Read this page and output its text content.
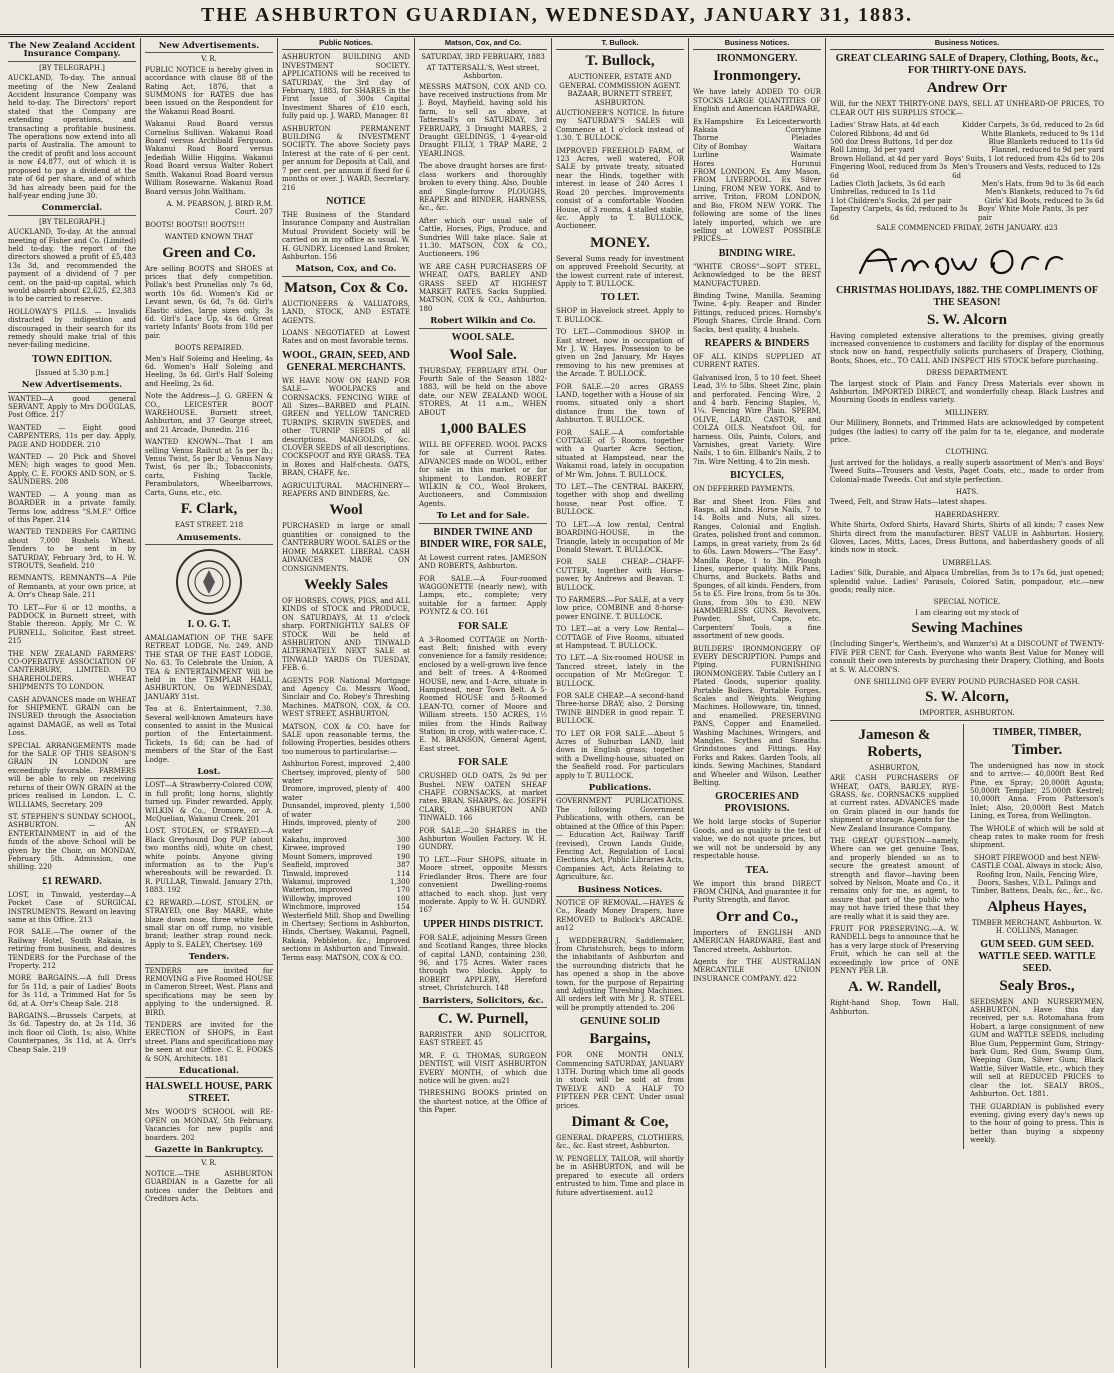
THE ASHBURTON GUARDIAN, WEDNESDAY, JANUARY 31, 1883.
The New Zealand Accident Insurance Company.
[BY TELEGRAPH.]
AUCKLAND, To-day. The annual meeting of the New Zealand Accident Insurance Company was held to-day. The Directors' report stated that the Company are extending operations, and transacting a profitable business. The operations now extend into all parts of Australia. The amount to the credit of profit and loss account is now £4,877, out of which it is proposed to pay a dividend at the rate of 6d per share, and of which 3d has already been paid for the half-year ending June 30.
Commercial.
[BY TELEGRAPH.]
AUCKLAND, To-day. At the annual meeting of Fisher and Co. (Limited) held to-day, the report of the directors showed a profit of £5,483 13s 3d, and recommended the payment of a dividend of 7 per cent. on the paid-up capital, which would absorb about £2,625, £2,383 is to be carried to reserve.
HOLLOWAY'S PILLS. — Invalids distracted by indigestion and discouraged in their search for its remedy should make trial of this never-failing medicine.
TOWN EDITION.
[Issued at 5.30 p.m.]
New Advertisements.
WANTED—A good general SERVANT. Apply to Mrs DOUGLAS, Post Office. 217
WANTED — Eight good CARPENTERS, 11s per day. Apply, PAGE AND HODDER. 210
WANTED — 20 Pick and Shovel MEN; high wages to good Men. Apply, C. E. FOOKS AND SON, or S. SAUNDERS. 208
WANTED — A young man as BOARDER in a private family. Terms low, address "S.M.F." Office of this Paper. 214
WANTED TENDERS For CARTING about 7,000 Bushels Wheat. Tenders to be sent in by SATURDAY, February 3rd, to H. W. STROUTS, Seafield. 210
REMNANTS, REMNANTS—A Pile of Remnants, at your own price, at A. Orr's Cheap Sale. 211
TO LET—For 6 or 12 months, a PADDOCK in Burnett street, with Stable thereon. Apply, Mr C. W. PURNELL, Solicitor, East street. 215
THE NEW ZEALAND FARMERS' CO-OPERATIVE ASSOCIATION OF CANTERBURY, LIMITED. TO SHAREHOLDERS. WHEAT SHIPMENTS TO LONDON.
CASH ADVANCES made on WHEAT for SHIPMENT. GRAIN can be INSURED through the Association against DAMAGE, as well as Total Loss.
SPECIAL ARRANGEMENTS made for the SALE OF THIS SEASON'S GRAIN IN LONDON are exceedingly favorable. FARMERS will be able to rely on receiving returns of their OWN GRAIN at the prices realised in London. L. C. WILLIAMS, Secretary. 209
ST. STEPHEN'S SUNDAY SCHOOL, ASHBURTON. — AN ENTERTAINMENT in aid of the funds of the above School will be given by the Choir, on MONDAY, February 5th. Admission, one shilling. 220
£1 REWARD.
LOST, in Tinwald, yesterday—A Pocket Case of SURGICAL INSTRUMENTS. Reward on leaving same at this Office. 213
FOR SALE.—The owner of the Railway Hotel, South Rakaia, is retiring from business, and desires TENDERS for the Purchase of the Property. 212
MORE BARGAINS.—A full Dress for 5s 11d, a pair of Ladies' Boots for 3s 11d, a Trimmed Hat for 5s 6d, at A. Orr's Cheap Sale. 218
BARGAINS.—Brussels Carpets, at 3s 6d. Tapestry do, at 2s 11d, 36 inch floor oil Cloth, 1s; also, White Counterpanes, 3s 11d, at A. Orr's Cheap Sale. 219
New Advertisements.
V. R.
PUBLIC NOTICE is hereby given in accordance with clause 88 of the Rating Act, 1876, that a SUMMONS for RATES due has been issued on the Respondent for the Wakanui Road Board.
Wakanui Road Board versus Cornelius Sullivan. Wakanui Road Board versus Archibald Ferguson. Wakanui Road Board versus Jedediah Willie Higgins. Wakanui Road Board versus Walter Robert Smith. Wakanui Road Board versus William Rosewarne. Wakanui Road Board versus John Waltham.
A. M. PEARSON, J. BIRD R.M. Court. 207
BOOTS! BOOTS!! BOOTS!!!
WANTED KNOWN THAT
Green and Co.
Are selling BOOTS and SHOES at prices that defy competition. Pollak's best Prunellas only 7s 6d, worth 10s 6d. Women's Kid or Levant sewn, 6s 6d, 7s 6d. Girl's Elastic sides, large sizes only, 3s 6d. Girl's Lace Up, 4s 6d. Great variety Infants' Boots from 10d per pair.
BOOTS REPAIRED.
Men's Half Soleing and Heeling, 4s 6d. Women's Half Soleing and Heeling, 3s 6d. Girl's Half Soleing and Heeling, 2s 6d.
Note the Address—J. G. GREEN & CO., LEICESTER BOOT WAREHOUSE. Burnett street, Ashburton, and 37 George street, and 21 Arcade, Dunedin. 216
WANTED KNOWN—That I am selling Venus Railcut at 5s per lb.; Venus Twist, 5s per lb.; Venus Navy Twist, 6s per lb.; Tobacconists, carts, Fishing Tackle, Perambulators, Wheelbarrows, Carts, Guns, etc., etc.
F. Clark,
EAST STREET. 218
Amusements.
I. O. G. T.
AMALGAMATION OF THE SAFE RETREAT LODGE, No. 249, AND THE STAR OF THE EAST LODGE, No. 63. To Celebrate the Union, A TEA & ENTERTAINMENT Will be held in the TEMPLAR HALL, ASHBURTON, On WEDNESDAY, JANUARY 31st.
Tea at 6. Entertainment, 7.30. Several well-known Amateurs have consented to assist in the Musical portion of the Entertainment. Tickets, 1s 6d; can be had of members of the Star of the East Lodge.
Lost.
LOST—A Strawberry-Colored COW, in full profit; long horns, slightly turned up. Finder rewarded. Apply, WILKIN & Co., Dromore, or A. McQuelian, Wakanui Creek. 201
LOST, STOLEN, or STRAYED.—A Black Greyhound Dog PUP (about two months old), white on chest, white points. Anyone giving information as to the Pup's whereabouts will be rewarded. D. R. PULLAR, Tinwald. January 27th, 1883. 192
£2 REWARD.—LOST, STOLEN, or STRAYED, one Bay MARE, white blaze down nose, three white feet, small star on off rump, no visible brand; leather strap round neck. Apply to S. EALEY, Chertsey. 169
Tenders.
TENDERS are invited for REMOVING a Five Roomed HOUSE in Cameron Street, West. Plans and specifications may be seen by applying to the undersigned. R. BIRD.
TENDERS are invited for the ERECTION of SHOPS, in East street. Plans and specifications may be seen at our Office. C. E. FOOKS & SON, Architects. 181
Educational.
HALSWELL HOUSE, PARK STREET.
Mrs WOOD'S SCHOOL will RE-OPEN on MONDAY, 5th February. Vacancies for new pupils and boarders. 202
Gazette in Bankruptcy.
V. R.
NOTICE.—THE ASHBURTON GUARDIAN is a Gazette for all notices under the Debtors and Creditors Acts.
Public Notices.
ASHBURTON BUILDING AND INVESTMENT SOCIETY. APPLICATIONS will be received to SATURDAY, the 3rd day of February, 1883, for SHARES in the First Issue of 300s Capital Investment Shares of £10 each, fully paid up. J. WARD, Manager. 81
ASHBURTON PERMANENT BUILDING & INVESTMENT SOCIETY. The above Society pays Interest at the rate of 6 per cent. per annum for Deposits at Call, and 7 per cent. per annum if fixed for 6 months or over. J. WARD, Secretary. 216
NOTICE
THE Business of the Standard Insurance Company and Australian Mutual Provident Society will be carried on in my office as usual. W. H. GUNDRY, Licensed Land Broker, Ashburton. 156
Matson, Cox, and Co.
Matson, Cox & Co.
AUCTIONEERS & VALUATORS, LAND, STOCK, AND ESTATE AGENTS.
LOANS NEGOTIATED at Lowest Rates and on most favorable terms.
WOOL, GRAIN, SEED, AND GENERAL MERCHANTS.
WE HAVE NOW ON HAND FOR SALE— WOOLPACKS and CORNSACKS. FENCING WIRE of All Sizes—BARBED and PLAIN. GREEN and YELLOW TANCRED TURNIPS. SKIRVIN SWEDES, and other TURNIP SEEDS of all descriptions. MANGOLDS, &c. CLOVER SEEDS of all descriptions. COCKSFOOT and RYE GRASS. TEA in Boxes and Half-chests. OATS, BRAN, CHAFF, &c.
AGRICULTURAL MACHINERY—REAPERS AND BINDERS, &c.
Wool
PURCHASED in large or small quantities or consigned to the CANTERBURY WOOL SALES or the HOME MARKET. LIBERAL CASH ADVANCES MADE ON CONSIGNMENTS.
Weekly Sales
OF HORSES, COWS, PIGS, and ALL KINDS of STOCK and PRODUCE, ON SATURDAYS, At 11 o'clock sharp. FORTNIGHTLY SALES OF STOCK Will be held at ASHBURTON AND TINWALD ALTERNATELY. NEXT SALE at TINWALD YARDS On TUESDAY, FEB. 6.
AGENTS FOR National Mortgage and Agency Co. Messrs Wood, Sinclair and Co. Robey's Threshing Machines. MATSON, COX, & CO. WEST STREET, ASHBURTON.
MATSON, COX & CO. have for SALE upon reasonable terms, the following Properties, besides others too numerous to particularise:—
Ashburton Forest, improved 2,400
Chertsey, improved, plenty of water
500
Dromore, improved, plenty of water
400
Dunsandel, improved, plenty of water
1,500
Hinds, improved, plenty of water
200
Kakahu, improved	300
Kirwee, improved	190
Mount Somers, improved	190
Seafield, improved	387
Tinwald, improved	114
Wakanui, improved	1,300
Waterton, improved	170
Willowby, improved	100
Winchmore, improved	154
Westerfield Mill. Shop and Dwelling in Chertsey; Sections in Ashburton, Hinds, Chertsey, Wakanui, Pagnell, Rakaia, Pebbleton, &c.; Improved sections in Ashburton and Tinwald. Terms easy. MATSON, COX & CO.
Matson, Cox, and Co.
SATURDAY, 3RD FEBRUARY, 1883
AT TATTERSALL'S, West street, Ashburton.
MESSRS MATSON, COX AND CO. have received instructions from Mr J. Boyd, Mayfield, having sold his farm, to sell as above, at Tattersall's on SATURDAY, 3rd FEBRUARY, 3 Draught MARES, 2 Draught GELDINGS, 1 4-year-old Draught FILLY, 1 TRAP MARE, 2 YEARLINGS.
The above draught horses are first-class workers and thoroughly broken to every thing. Also, Double and Single-furrow PLOUGHS, REAPER and BINDER, HARNESS, &c., &c.
After which our usual sale of Cattle, Horses, Pigs, Produce, and Sundries Will take place. Sale at 11.30. MATSON, COX & CO., Auctioneers. 196
WE ARE CASH PURCHASERS OF WHEAT, OATS, BARLEY AND GRASS SEED AT HIGHEST MARKET RATES. Sacks Supplied. MATSON, COX & CO., Ashburton. 180
Robert Wilkin and Co.
WOOL SALE.
Wool Sale.
THURSDAY, FEBRUARY 8TH. Our Fourth Sale of the Season 1882-1883, will be held on the above date, our NEW ZEALAND WOOL STORES, At 11 a.m., WHEN ABOUT
1,000 BALES
WILL BE OFFERED. WOOL PACKS for sale at Current Rates. ADVANCES made on WOOL, either for sale in this market or for shipment to London. ROBERT WILKIN & CO., Wool Brokers, Auctioneers, and Commission Agents.
To Let and for Sale.
BINDER TWINE AND BINDER WIRE, FOR SALE,
At Lowest current rates. JAMESON AND ROBERTS, Ashburton.
FOR SALE.—A Four-roomed WAGGONETTE (nearly new), with Lamps, etc., complete; very suitable for a farmer. Apply POYNTZ & CO. 161
FOR SALE
A 3-Roomed COTTAGE on North-east Belt; finished with every convenience for a family residence; enclosed by a well-grown live fence and belt of trees. A 4-Roomed HOUSE, new, and 1-Acre, situate in Hampstead, near Town Belt. A 5-Roomed HOUSE and 5-Roomed LEAN-TO, corner of Moore and William streets. 150 ACRES, 1½ miles from the Hinds Railway Station; in crop, with water-race. C. E. M. BRANSON, General Agent, East street.
FOR SALE
CRUSHED OLD OATS, 2s 9d per Bushel. NEW OATEN SHEAF CHAFF. CORNSACKS, at market rates. BRAN, SHARPS, &c. JOSEPH CLARK, ASHBURTON AND TINWALD. 166
FOR SALE.—20 SHARES in the Ashburton Woollen Factory. W. H. GUNDRY.
TO LET.—Four SHOPS, situate in Moore street, opposite Messrs Friedlander Bros. There are four convenient Dwelling-rooms attached to each shop. Just very moderate. Apply to W. H. GUNDRY. 167
UPPER HINDS DISTRICT.
FOR SALE, adjoining Messrs Green and Scotland Ranges, three blocks of capital LAND, containing 230, 96, and 175 Acres. Water races through two blocks. Apply to ROBERT APPLEBY, Hereford street, Christchurch. 148
Barristers, Solicitors, &c.
C. W. Purnell,
BARRISTER AND SOLICITOR, EAST STREET. 45
MR. F. G. THOMAS, SURGEON DENTIST, will VISIT ASHBURTON EVERY MONTH, of which due notice will be given. au21
THRESHING BOOKS printed on the shortest notice, at the Office of this Paper.
T. Bullock.
T. Bullock,
AUCTIONEER, ESTATE AND GENERAL COMMISSION AGENT. BAZAAR, BURNETT STREET, ASHBURTON.
AUCTIONEER'S NOTICE. In future my SATURDAY'S SALES will Commence at 1 o'clock instead of 1.30. T. BULLOCK.
IMPROVED FREEHOLD FARM, of 123 Acres, well watered, FOR SALE by private treaty, situated near the Hinds, together with interest in lease of 240 Acres 1 Road 20 perches. Improvements consist of a comfortable Wooden House, of 3 rooms, 4 stalled stable, &c. Apply to T. BULLOCK, Auctioneer.
MONEY.
Several Sums ready for investment on approved Freehold Security, at the lowest current rate of interest. Apply to T. BULLOCK.
TO LET.
SHOP in Havelock street. Apply to T. BULLOCK.
TO LET.—Commodious SHOP in East street, now in occupation of Mr J. W. Hayes. Possession to be given on 2nd January, Mr Hayes removing to his new premises at the Arcade. T. BULLOCK.
FOR SALE.—20 acres GRASS LAND, together with a House of six rooms, situated only a short distance from the town of Ashburton. T. BULLOCK.
FOR SALE.—A comfortable COTTAGE of 5 Rooms, together with a Quarter Acre Section, situated at Hampstead, near the Wakanui road, lately in occupation of Mr Wm. Johns. T. BULLOCK.
TO LET.—The CENTRAL BAKERY, together with shop and dwelling house, near Post office. T. BULLOCK.
TO LET.—A low rental, Central BOARDING-HOUSE, in the Triangle, lately in occupation of Mr Donald Stewart. T. BULLOCK.
FOR SALE CHEAP.—CHAFF-CUTTER, together with Horse-power, by Andrews and Beavan. T. BULLOCK.
TO FARMERS.—For SALE, at a very low price, COMBINE and 8-horse-power ENGINE. T. BULLOCK.
TO LET.—at a very Low Rental—COTTAGE of Five Rooms, situated at Hampstead. T. BULLOCK.
TO LET.—A Six-roomed HOUSE in Tancred street, lately in the occupation of Mr McGregor. T. BULLOCK.
FOR SALE CHEAP.—A second-hand Three-horse DRAY; also, 2 Dorsing TWINE BINDER in good repair. T. BULLOCK.
TO LET OR FOR SALE.—About 5 Acres of Suburban LAND, laid down in English grass; together with a Dwelling-house, situated on the Seafield road. For particulars apply to T. BULLOCK.
Publications.
GOVERNMENT PUBLICATIONS. The following Government Publications, with others, can be obtained at the Office of this Paper:— Education Act, Railway Tariff (revised), Crown Lands Guide, Fencing Act, Regulation of Local Elections Act, Public Libraries Acts, Companies Act, Acts Relating to Agriculture, &c.
Business Notices.
NOTICE OF REMOVAL.—HAYES & Co., Ready Money Drapers, have REMOVED to Bullock's ARCADE. au12
J. WEDDERBURN, Saddlemaker, from Christchurch, begs to inform the inhabitants of Ashburton and the surrounding districts that he has opened a shop in the above town, for the purpose of Repairing and Adjusting Threshing Machines. All orders left with Mr J. R. STEEL will be promptly attended to. 206
GENUINE SOLID
Bargains,
FOR ONE MONTH ONLY, Commencing SATURDAY, JANUARY 13TH. During which time all goods in stock will be sold at from TWELVE AND A HALF TO FIFTEEN PER CENT. Under usual prices.
Dimant & Coe,
GENERAL DRAPERS, CLOTHIERS, &c., &c. East street, Ashburton.
W. PENGELLY, TAILOR, will shortly be in ASHBURTON, and will be prepared to execute all orders entrusted to him. Time and place in future advertisement. au12
Business Notices.
IRONMONGERY.
Ironmongery.
We have lately ADDED TO OUR STOCKS LARGE QUANTITIES OF English and American HARDWARE,
Ex Hampshire Ex Leicesterworth
Rakaia	Corryhine
Thorne	Pleiades
City of Bombay	Waitara
Lurline	Waimate
Hores	Hurunui
FROM LONDON. Ex Amy Mason, FROM LIVERPOOL. Ex Silver Lining, FROM NEW YORK. And to arrive, Triton, FROM LONDON, and Bio, FROM NEW YORK. The following are some of the lines lately imported, which we are selling at LOWEST POSSIBLE PRICES—
BINDING WIRE.
"WHITE CROSS"—SOFT STEEL, Acknowledged to be the BEST MANUFACTURED.
Binding Twine, Manilla. Seaming Twine, 4-ply. Reaper and Binder Fittings, reduced prices. Hornsby's Plough Shares, Circle Brand. Corn Sacks, best quality, 4 bushels.
REAPERS & BINDERS
OF ALL KINDS SUPPLIED AT CURRENT RATES.
Galvanised Iron, 5 to 10 feet. Sheet Lead, 3½ to 5lbs. Sheet Zinc, plain and perforated. Fencing Wire, 2 and 4 barb. Fencing Staples, ½, 1¼. Fencing Wire Plain. SPERM, OLIVE, LARD, CASTOR, and COLZA OILS. Neatsfoot Oil, for harness. Oils, Paints, Colors, and Varnishes, great Variety. Wire Nails, 1 to 6in. Ellbank's Nails, 2 to 7in. Wire Netting, 4 to 2in mesh.
BICYCLES,
ON DEFERRED PAYMENTS.
Bar and Sheet Iron. Files and Rasps, all kinds. Horse Nails, 7 to 14. Bolts and Nuts, all sizes. Ranges, Colonial and English. Grates, polished front and common. Lamps, in great variety, from 2s 6d to 60s. Lawn Mowers—"The Easy". Manilla Rope, 1 to 3in. Plough Lines, superior quality. Milk Pans, Churns, and Buckets. Baths and Sponges, of all kinds. Fenders, from 5s to £5. Fire Irons, from 5s to 30s. Guns, from 30s to £30. NEW HAMMERLESS GUNS. Revolvers, Powder, Shot, Caps, etc. Carpenters' Tools, a fine assortment of new goods.
BUILDERS' IRONMONGERY OF EVERY DESCRIPTION. Pumps and Piping. FURNISHING IRONMONGERY. Table Cutlery an I Plated Goods, superior quality. Portable Boilers. Portable Forges. Scales and Weights. Weighing Machines. Hollowware, tin, tinned, and enamelled. PRESERVING PANS, Copper and Enamelled. Washing Machines, Wringers, and Mangles. Scythes and Sneaths. Grindstones and Fittings. Hay Forks and Rakes. Garden Tools, all kinds. Sewing Machines, Standard and Wheeler and Wilson. Leather Belting.
GROCERIES AND PROVISIONS.
We hold large stocks of Superior Goods, and as quality is the test of value, we do not quote prices, but we will not be undersold by any respectable house.
TEA.
We import this brand DIRECT FROM CHINA, And guarantee it for Purity Strength, and flavor.
Orr and Co.,
Importers of ENGLISH AND AMERICAN HARDWARE, East and Tancred streets, Ashburton.
Agents for THE AUSTRALIAN MERCANTILE UNION INSURANCE COMPANY. d22
Business Notices.
GREAT CLEARING SALE of Drapery, Clothing, Boots, &c., FOR THIRTY-ONE DAYS.
Andrew Orr
Will, for the NEXT THIRTY-ONE DAYS, SELL AT UNHEARD-OF PRICES, TO CLEAR OUT HIS SURPLUS STOCK—
Ladies' Straw Hats, at 4d each	Kidder Carpets, 3s 6d, reduced to 2s 6d
Colored Ribbons, 4d and 6d	White Blankets, reduced to 9s 11d
500 doz Dress Buttons, 1d per doz	Blue Blankets reduced to 11s 6d
Roll Lining, 3d per yard	Flannel, reduced to 9d per yard
Brown Holland, at 4d per yard Boys' Suits, 1 lot reduced from 42s 6d to 20s
Fingering Wool, reduced from 3s 6d
Men's Trousers and Vests, reduced to 12s 6d
Ladies Cloth Jackets, 3s 6d each	Men's Hats, from 9d to 3s 6d each
Umbrellas, reduced to 1s 11d	Men's Blankets, reduced to 7s 6d
1 lot Children's Socks, 2d per pair	Girls' Kid Boots, reduced to 3s 6d
Tapestry Carpets, 4s 6d, reduced to 3s 6d
Boys' White Mole Pants, 3s per pair
SALE COMMENCED FRIDAY, 26TH JANUARY. d23
CHRISTMAS HOLIDAYS, 1882. THE COMPLIMENTS OF THE SEASON!
S. W. Alcorn
Having completed extensive alterations to the premises, giving greatly increased convenience to customers and facility for display of the enormous stock now on hand, respectfully solicits purchasers of Drapery, Clothing, Boots, Shoes, etc., TO CALL AND INSPECT HIS STOCK before purchasing.
DRESS DEPARTMENT.
The largest stock of Plain and Fancy Dress Materials ever shown in Ashburton. IMPORTED DIRECT, and wonderfully cheap. Black Lustres and Mourning Goods in endless variety.
MILLINERY.
Our Millinery, Bonnets, and Trimmed Hats are acknowledged by competent judges (the ladies) to carry off the palm for ta te, elegance, and moderate price.
CLOTHING.
Just arrived for the holidays, a really superb assortment of Men's and Boys' Tweed Suits—Trousers and Vests, Paget Coats, etc., made to order from Colonial-made Tweeds. Cut and style perfection.
HATS.
Tweed, Felt, and Straw Hats—latest shapes.
HABERDASHERY.
White Shirts, Oxford Shirts, Havard Shirts, Shirts of all kinds; 7 cases New Shirts direct from the manufacturer. BEST VALUE in Ashburton. Hosiery, Gloves, Laces, Mitts, Laces, Dress Buttons, and haberdashery goods of all kinds now in stock.
UMBRELLAS.
Ladies' Silk, Durable, and Alpaca Umbrellas, from 3s to 17s 6d, just opened; splendid value. Ladies' Parasols, Colored Satin, pompadour, etc.—new goods; really nice.
SPECIAL NOTICE.
I am clearing out my stock of
Sewing Machines
(Including Singer's, Wertheim's, and Wanzer's) At a DISCOUNT of TWENTY-FIVE PER CENT. for Cash. Everyone who wants Best Value for Money will consult their own interests by purchasing their Drapery, Clothing, and Boots at S. W. ALCORN'S.
ONE SHILLING OFF EVERY POUND PURCHASED FOR CASH.
S. W. Alcorn,
IMPORTER, ASHBURTON.
Jameson & Roberts,
ASHBURTON,
ARE CASH PURCHASERS OF WHEAT, OATS, BARLEY, RYE-GRASS, &c. CORNSACKS supplied at current rates. ADVANCES made on Grain placed in our hands for shipment or storage. Agents for the New Zealand Insurance Company.
THE GREAT QUESTION—namely, Where can we get genuine Teas, and properly blended so as to secure the greatest amount of strength and flavor—having been solved by Nelson, Moate and Co., it remains only for me, as agent, to assure that part of the public who may not have tried these that they are really what it is said they are.
FRUIT FOR PRESERVING.—A. W. RANDELL begs to announce that he has a very large stock of Preserving Fruit, which he can sell at the exceedingly low price of ONE PENNY PER LB.
A. W. Randell,
Right-hand Shop, Town Hall, Ashburton.
TIMBER, TIMBER,
Timber.
The undersigned has now in stock and to arrive:— 40,000ft Best Red Pine, ex Spray; 20,000ft Agusta; 50,000ft Templar; 25,000ft Kestrel; 10,000ft Anna. From Patterson's Inlet; Also, 20,000ft Best Match Lining, ex Torea, from Wellington.
The WHOLE of which will be sold at cheap rates to make room for fresh shipment.
SHORT FIREWOOD and best NEW-CASTLE COAL Always in stock; Also, Roofing Iron, Nails, Fencing Wire, Doors, Sashes, V.D.L. Palings and Timber, Battens, Deals, &c., &c., &c.
Alpheus Hayes,
TIMBER MERCHANT, Ashburton. W. H. COLLINS, Manager.
GUM SEED. GUM SEED. WATTLE SEED. WATTLE SEED.
Sealy Bros.,
SEEDSMEN AND NURSERYMEN, ASHBURTON. Have this day received, per s.s. Rotomahana from Hobart, a large consignment of new GUM and WATTLE SEEDS, including Blue Gum, Peppermint Gum, Stringy-bark Gum, Red Gum, Swamp Gum, Weeping Gum, Silver Gum; Black Wattle, Silver Wattle, etc., which they will sell at REDUCED PRICES to clear the lot. SEALY BROS., Ashburton. Oct. 1881.
THE GUARDIAN is published every evening, giving every day's news up to the hour of going to press. This is better than buying a sixpenny weekly.
